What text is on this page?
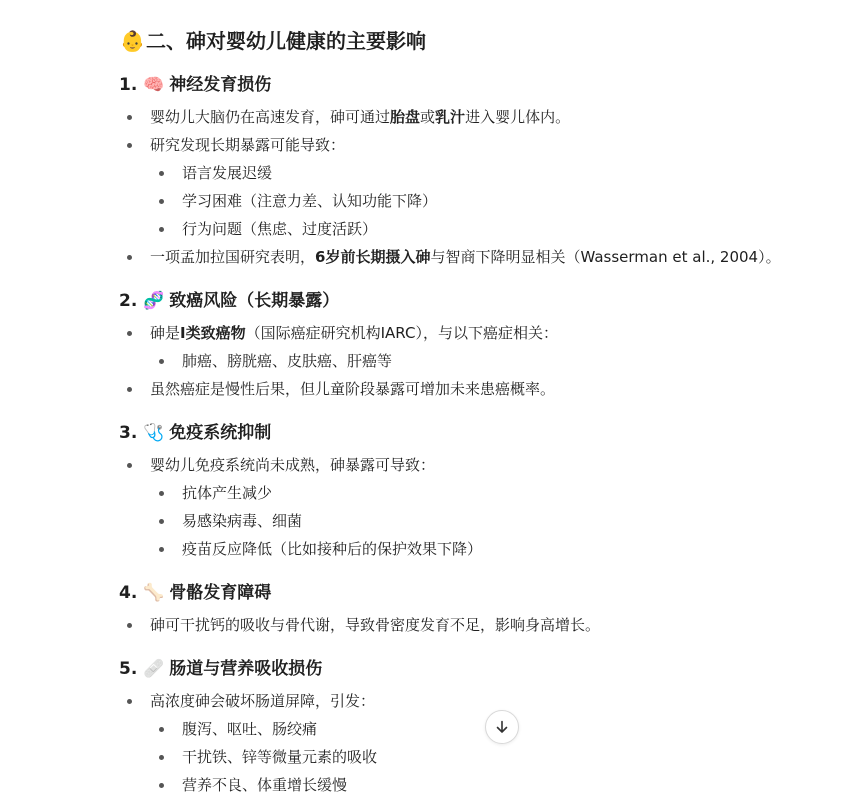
👶二、砷对婴幼儿健康的主要影响
1. 🧠 神经发育损伤
婴幼儿大脑仍在高速发育，砷可通过胎盘或乳汁进入婴儿体内。
研究发现长期暴露可能导致：
语言发展迟缓
学习困难（注意力差、认知功能下降）
行为问题（焦虑、过度活跃）
一项孟加拉国研究表明，6岁前长期摄入砷与智商下降明显相关（Wasserman et al., 2004）。
2. 🧬 致癌风险（长期暴露）
砷是I类致癌物（国际癌症研究机构IARC），与以下癌症相关：
肺癌、膀胱癌、皮肤癌、肝癌等
虽然癌症是慢性后果，但儿童阶段暴露可增加未来患癌概率。
3. 🩺 免疫系统抑制
婴幼儿免疫系统尚未成熟，砷暴露可导致：
抗体产生减少
易感染病毒、细菌
疫苗反应降低（比如接种后的保护效果下降）
4. 🦴 骨骼发育障碍
砷可干扰钙的吸收与骨代谢，导致骨密度发育不足，影响身高增长。
5. 🩹 肠道与营养吸收损伤
高浓度砷会破坏肠道屏障，引发：
腹泻、呕吐、肠绞痛
干扰铁、锌等微量元素的吸收
营养不良、体重增长缓慢
